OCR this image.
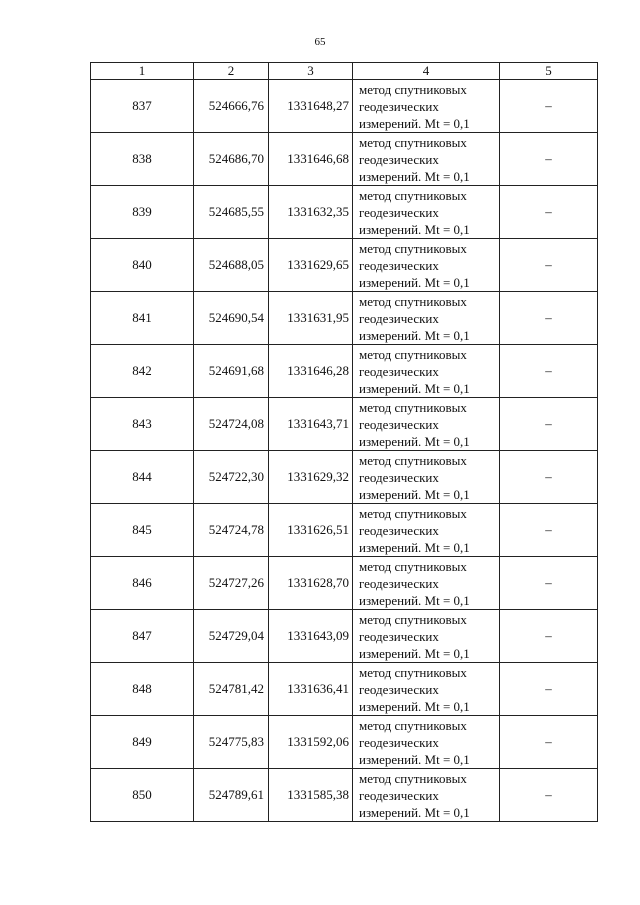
65
1	2	3	4	5
837	524666,76	1331648,27	метод спутниковых
геодезических
измерений. Mt = 0,1	–
838	524686,70	1331646,68	метод спутниковых
геодезических
измерений. Mt = 0,1	–
839	524685,55	1331632,35	метод спутниковых
геодезических
измерений. Mt = 0,1	–
840	524688,05	1331629,65	метод спутниковых
геодезических
измерений. Mt = 0,1	–
841	524690,54	1331631,95	метод спутниковых
геодезических
измерений. Mt = 0,1	–
842	524691,68	1331646,28	метод спутниковых
геодезических
измерений. Mt = 0,1	–
843	524724,08	1331643,71	метод спутниковых
геодезических
измерений. Mt = 0,1	–
844	524722,30	1331629,32	метод спутниковых
геодезических
измерений. Mt = 0,1	–
845	524724,78	1331626,51	метод спутниковых
геодезических
измерений. Mt = 0,1	–
846	524727,26	1331628,70	метод спутниковых
геодезических
измерений. Mt = 0,1	–
847	524729,04	1331643,09	метод спутниковых
геодезических
измерений. Mt = 0,1	–
848	524781,42	1331636,41	метод спутниковых
геодезических
измерений. Mt = 0,1	–
849	524775,83	1331592,06	метод спутниковых
геодезических
измерений. Mt = 0,1	–
850	524789,61	1331585,38	метод спутниковых
геодезических
измерений. Mt = 0,1	–
